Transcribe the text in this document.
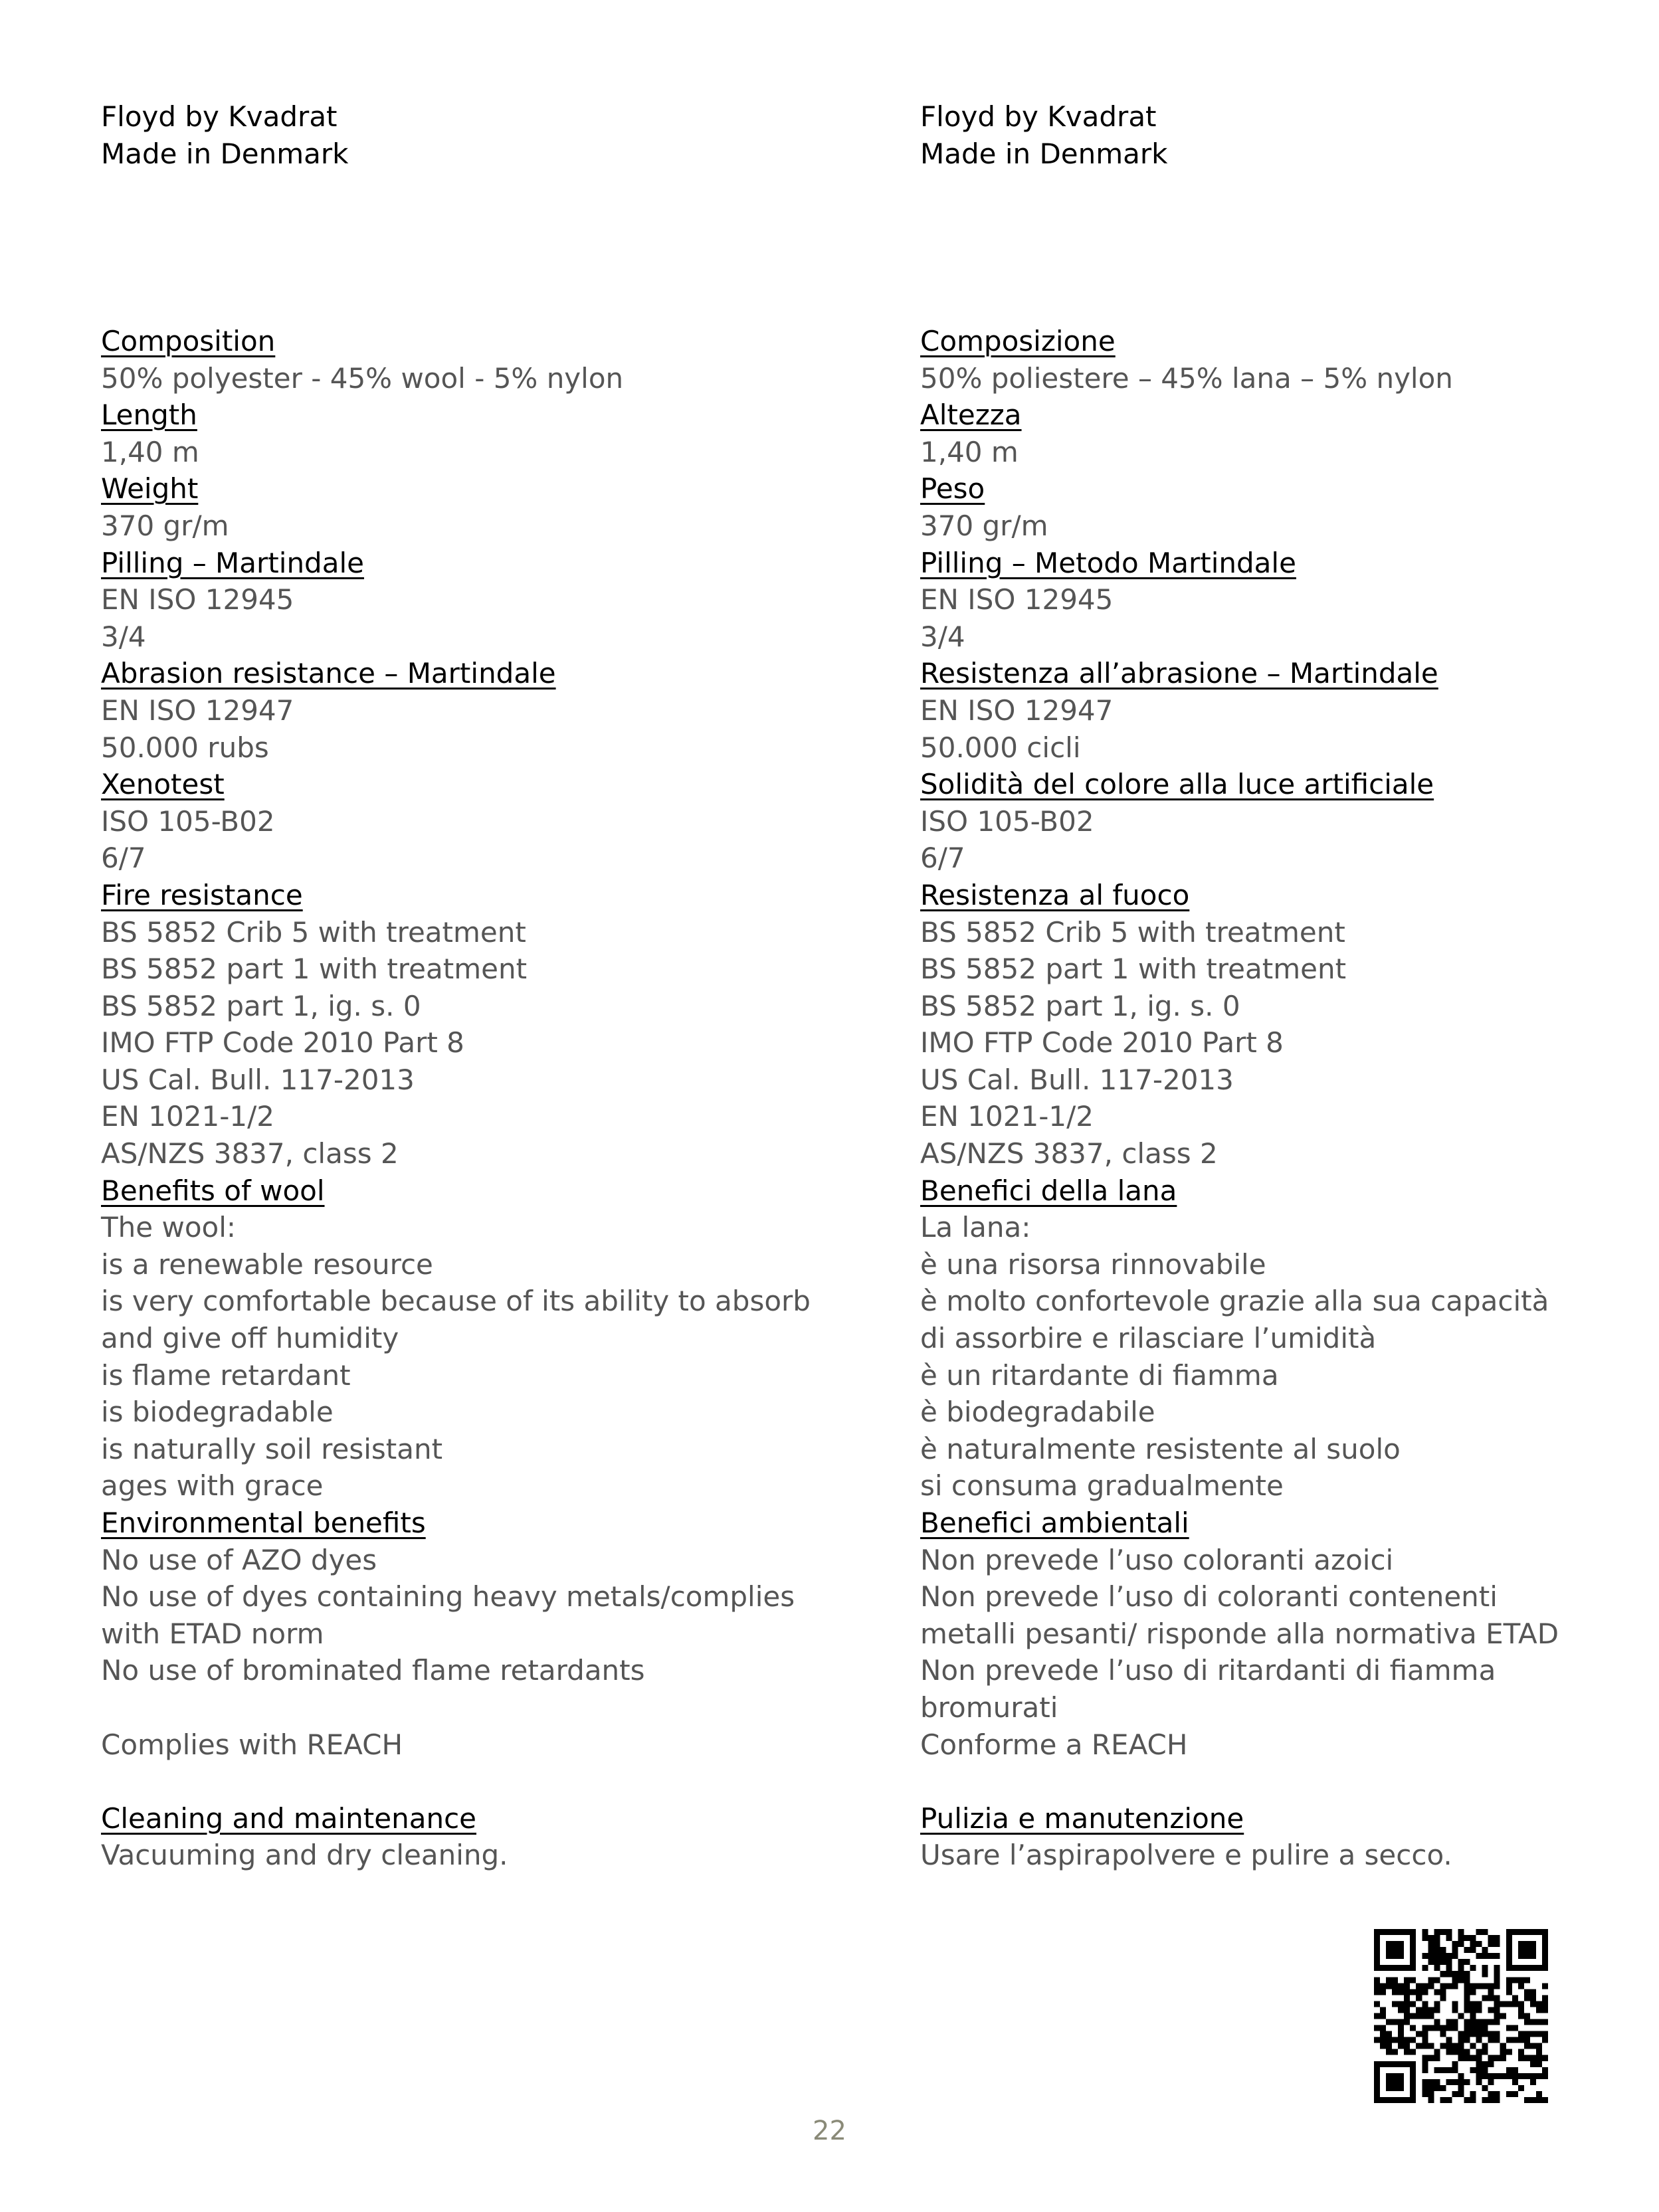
Floyd by Kvadrat

Made in Denmark

Composition
50% polyester - 45% wool - 5% nylon
Length
1,40 m
Weight
370 gr/m
Pilling – Martindale
EN ISO 12945
3/4
Abrasion resistance – Martindale
EN ISO 12947
50.000 rubs
Xenotest
ISO 105-B02
6/7
Fire resistance
BS 5852 Crib 5 with treatment
BS 5852 part 1 with treatment
BS 5852 part 1, ig. s. 0
IMO FTP Code 2010 Part 8
US Cal. Bull. 117-2013
EN 1021-1/2
AS/NZS 3837, class 2
Benefits of wool
The wool:
is a renewable resource
is very comfortable because of its ability to absorb
and give off humidity
is flame retardant
is biodegradable
is naturally soil resistant
ages with grace
Environmental benefits
No use of AZO dyes
No use of dyes containing heavy metals/complies
with ETAD norm
No use of brominated flame retardants
Complies with REACH
Cleaning and maintenance
Vacuuming and dry cleaning.

Floyd by Kvadrat

Made in Denmark

Composizione
50% poliestere – 45% lana – 5% nylon
Altezza
1,40 m
Peso
370 gr/m
Pilling – Metodo Martindale
EN ISO 12945
3/4
Resistenza all’abrasione – Martindale
EN ISO 12947
50.000 cicli
Solidità del colore alla luce artificiale
ISO 105-B02
6/7
Resistenza al fuoco
BS 5852 Crib 5 with treatment
BS 5852 part 1 with treatment
BS 5852 part 1, ig. s. 0
IMO FTP Code 2010 Part 8
US Cal. Bull. 117-2013
EN 1021-1/2
AS/NZS 3837, class 2
Benefici della lana
La lana:
è una risorsa rinnovabile
è molto confortevole grazie alla sua capacità
di assorbire e rilasciare l’umidità
è un ritardante di fiamma
è biodegradabile
è naturalmente resistente al suolo
si consuma gradualmente
Benefici ambientali
Non prevede l’uso coloranti azoici
Non prevede l’uso di coloranti contenenti
metalli pesanti/ risponde alla normativa ETAD
Non prevede l’uso di ritardanti di fiamma
bromurati
Conforme a REACH
Pulizia e manutenzione
Usare l’aspirapolvere e pulire a secco.
22
